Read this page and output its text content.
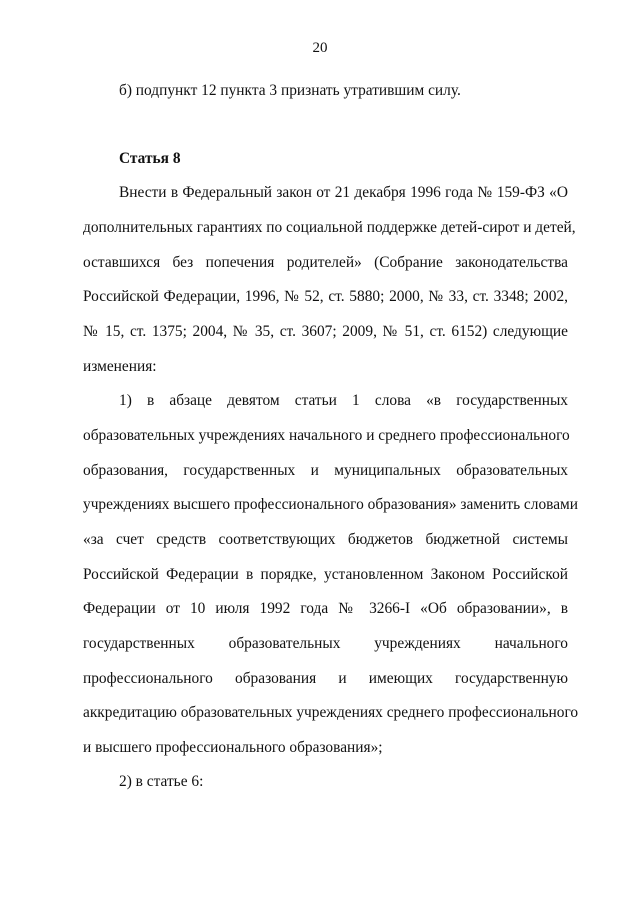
20
б) подпункт 12 пункта 3 признать утратившим силу.
Статья 8
Внести в Федеральный закон от 21 декабря 1996 года № 159-ФЗ «О
дополнительных гарантиях по социальной поддержке детей-сирот и детей,
оставшихся без попечения родителей» (Собрание законодательства
Российской Федерации, 1996, № 52, ст. 5880; 2000, № 33, ст. 3348; 2002,
№ 15, ст. 1375; 2004, № 35, ст. 3607; 2009, № 51, ст. 6152) следующие
изменения:
1) в абзаце девятом статьи 1 слова «в государственных
образовательных учреждениях начального и среднего профессионального
образования, государственных и муниципальных образовательных
учреждениях высшего профессионального образования» заменить словами
«за счет средств соответствующих бюджетов бюджетной системы
Российской Федерации в порядке, установленном Законом Российской
Федерации от 10 июля 1992 года № 3266-I «Об образовании», в
государственных образовательных учреждениях начального
профессионального образования и имеющих государственную
аккредитацию образовательных учреждениях среднего профессионального
и высшего профессионального образования»;
2) в статье 6:
